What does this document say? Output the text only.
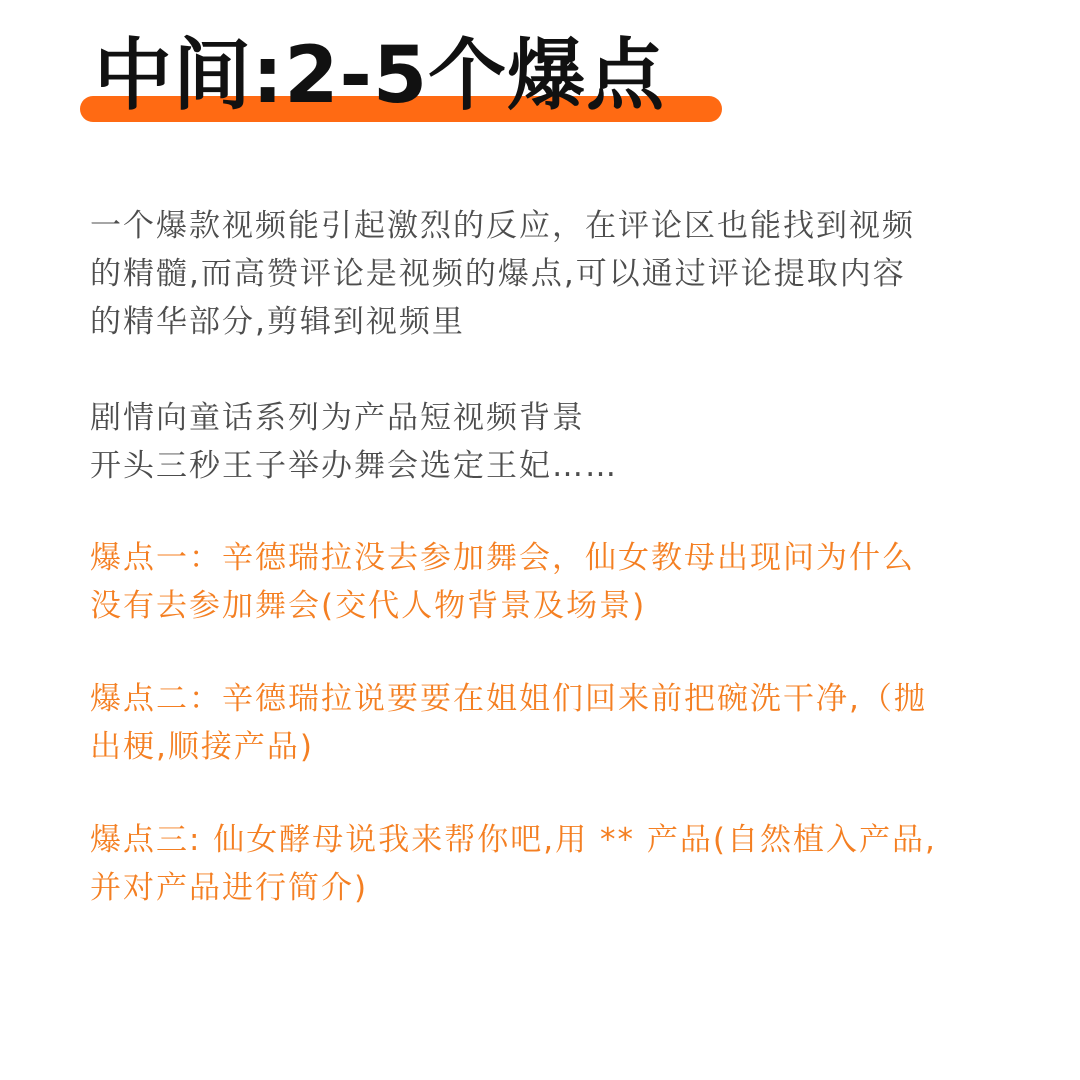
中间:2-5个爆点

一个爆款视频能引起激烈的反应，在评论区也能找到视频
的精髓,而高赞评论是视频的爆点,可以通过评论提取内容
的精华部分,剪辑到视频里

剧情向童话系列为产品短视频背景
开头三秒王子举办舞会选定王妃……

爆点一：辛德瑞拉没去参加舞会，仙女教母出现问为什么
没有去参加舞会(交代人物背景及场景)

爆点二：辛德瑞拉说要要在姐姐们回来前把碗洗干净,（抛
出梗,顺接产品)

爆点三: 仙女酵母说我来帮你吧,用 ** 产品(自然植入产品,
并对产品进行简介)
